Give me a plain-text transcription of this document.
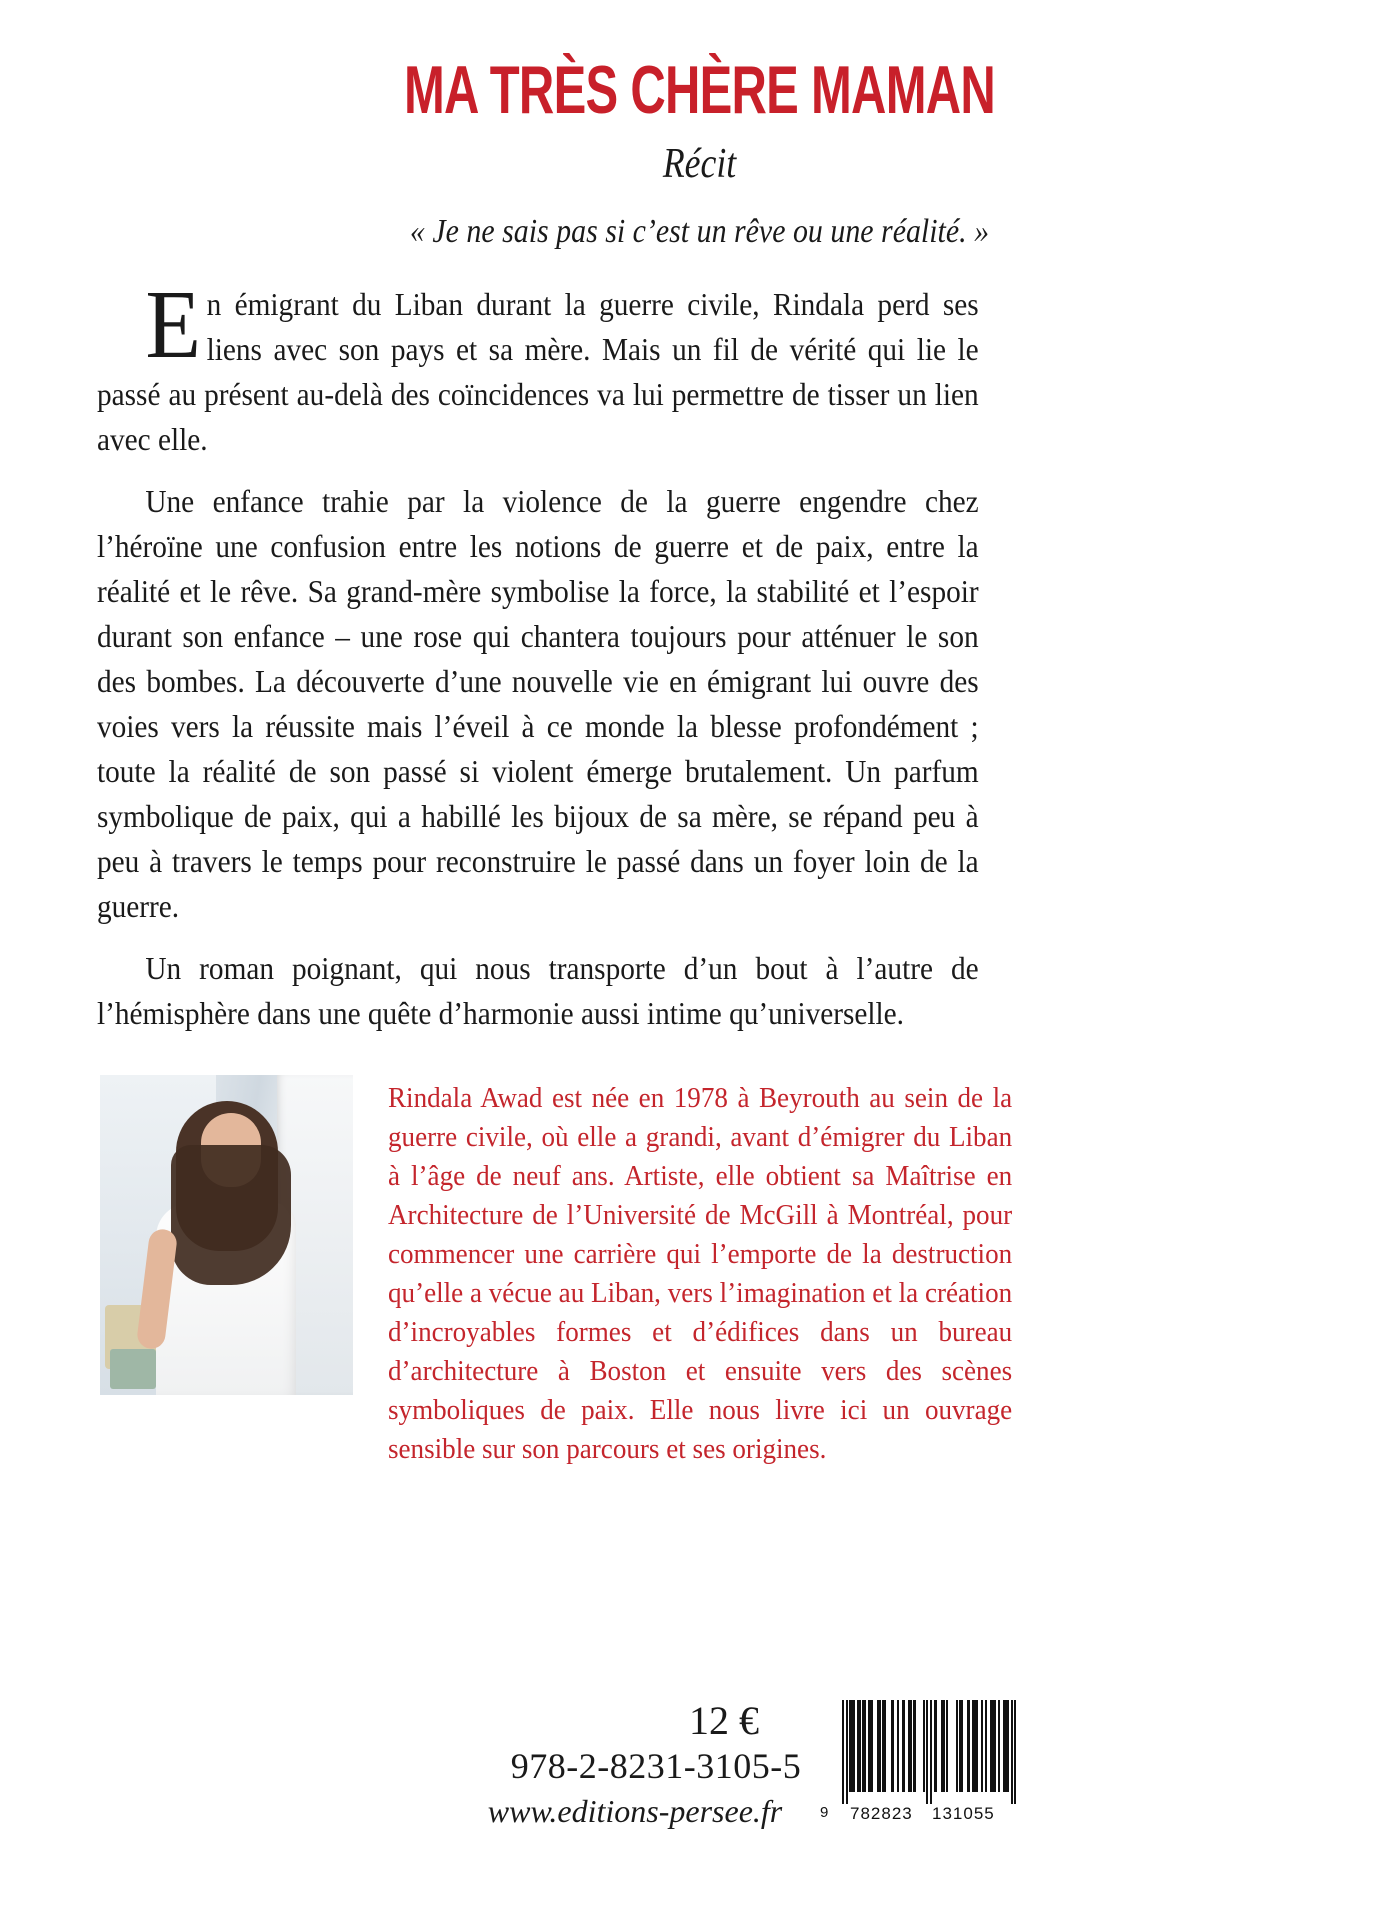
MA TRÈS CHÈRE MAMAN
Récit
« Je ne sais pas si c’est un rêve ou une réalité. »

En émigrant du Liban durant la guerre civile, Rindala perd ses liens avec son pays et sa mère. Mais un fil de vérité qui lie le passé au présent au-delà des coïncidences va lui permettre de tisser un lien avec elle.

Une enfance trahie par la violence de la guerre engendre chez l’héroïne une confusion entre les notions de guerre et de paix, entre la réalité et le rêve. Sa grand-mère symbolise la force, la stabilité et l’espoir durant son enfance – une rose qui chantera toujours pour atténuer le son des bombes. La découverte d’une nouvelle vie en émigrant lui ouvre des voies vers la réussite mais l’éveil à ce monde la blesse profondément ; toute la réalité de son passé si violent émerge brutalement. Un parfum symbolique de paix, qui a habillé les bijoux de sa mère, se répand peu à peu à travers le temps pour reconstruire le passé dans un foyer loin de la guerre.

Un roman poignant, qui nous transporte d’un bout à l’autre de l’hémisphère dans une quête d’harmonie aussi intime qu’universelle.

Rindala Awad est née en 1978 à Beyrouth au sein de la guerre civile, où elle a grandi, avant d’émigrer du Liban à l’âge de neuf ans. Artiste, elle obtient sa Maîtrise en Architecture de l’Université de McGill à Montréal, pour commencer une carrière qui l’emporte de la destruction qu’elle a vécue au Liban, vers l’imagination et la création d’incroyables formes et d’édifices dans un bureau d’architecture à Boston et ensuite vers des scènes symboliques de paix. Elle nous livre ici un ouvrage sensible sur son parcours et ses origines.

12 €
978-2-8231-3105-5
www.editions-persee.fr	9 782823 131055
